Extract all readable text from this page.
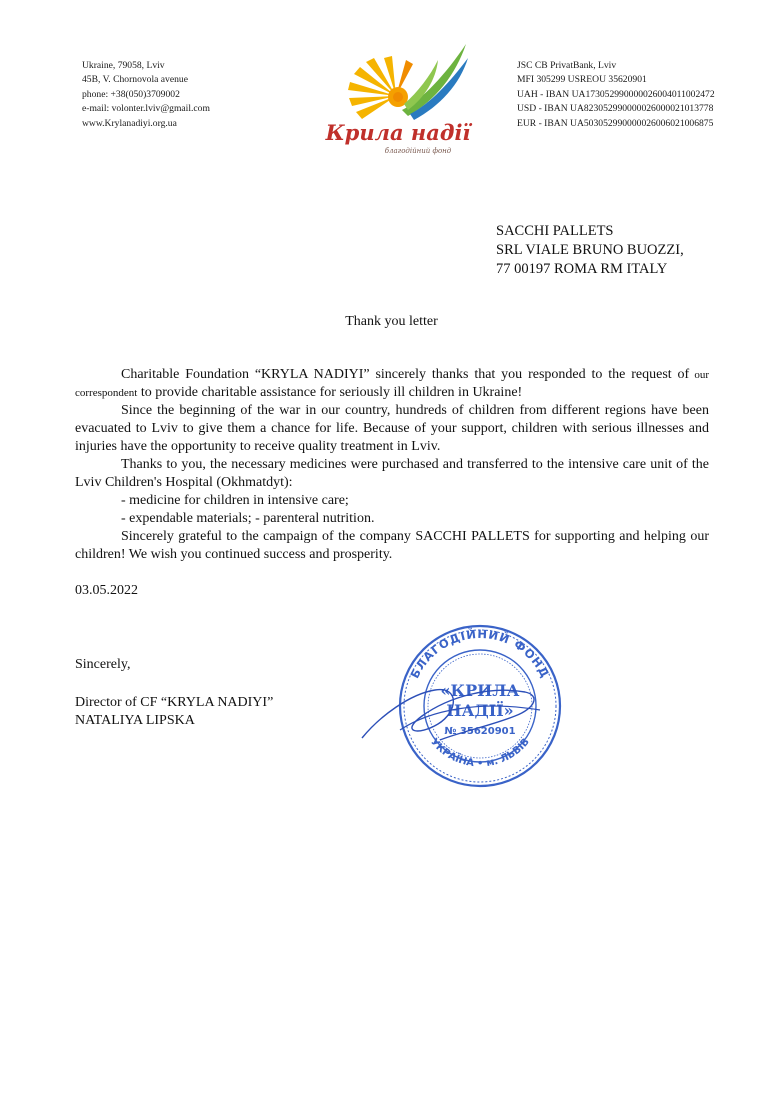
Ukraine, 79058, Lviv
45B, V. Chornovola avenue
phone: +38(050)3709002
e-mail: volonter.lviv@gmail.com
www.Krylanadiyi.org.ua	Крила надії
благодійний фонд
JSC CB PrivatBank, Lviv
MFI 305299 USREOU 35620901
UAH - IBAN UA173052990000026004011002472
USD - IBAN UA823052990000026000021013778
EUR - IBAN UA503052990000026006021006875
SACCHI PALLETS
SRL VIALE BRUNO BUOZZI,
77 00197 ROMA RM ITALY
Thank you letter

Charitable Foundation “KRYLA NADIYI” sincerely thanks that you responded to the request of our correspondent to provide charitable assistance for seriously ill children in Ukraine!

Since the beginning of the war in our country, hundreds of children from different regions have been evacuated to Lviv to give them a chance for life. Because of your support, children with serious illnesses and injuries have the opportunity to receive quality treatment in Lviv.

Thanks to you, the necessary medicines were purchased and transferred to the intensive care unit of the Lviv Children's Hospital (Okhmatdyt):

- medicine for children in intensive care;

- expendable materials; - parenteral nutrition.

Sincerely grateful to the campaign of the company SACCHI PALLETS for supporting and helping our children! We wish you continued success and prosperity.

03.05.2022
Sincerely,
Director of CF “KRYLA NADIYI”
NATALIYA LIPSKA
БЛАГОДІЙНИЙ ФОНД
УКРАЇНА • м. ЛЬВІВ
«КРИЛА
НАДІЇ»
№ 35620901
